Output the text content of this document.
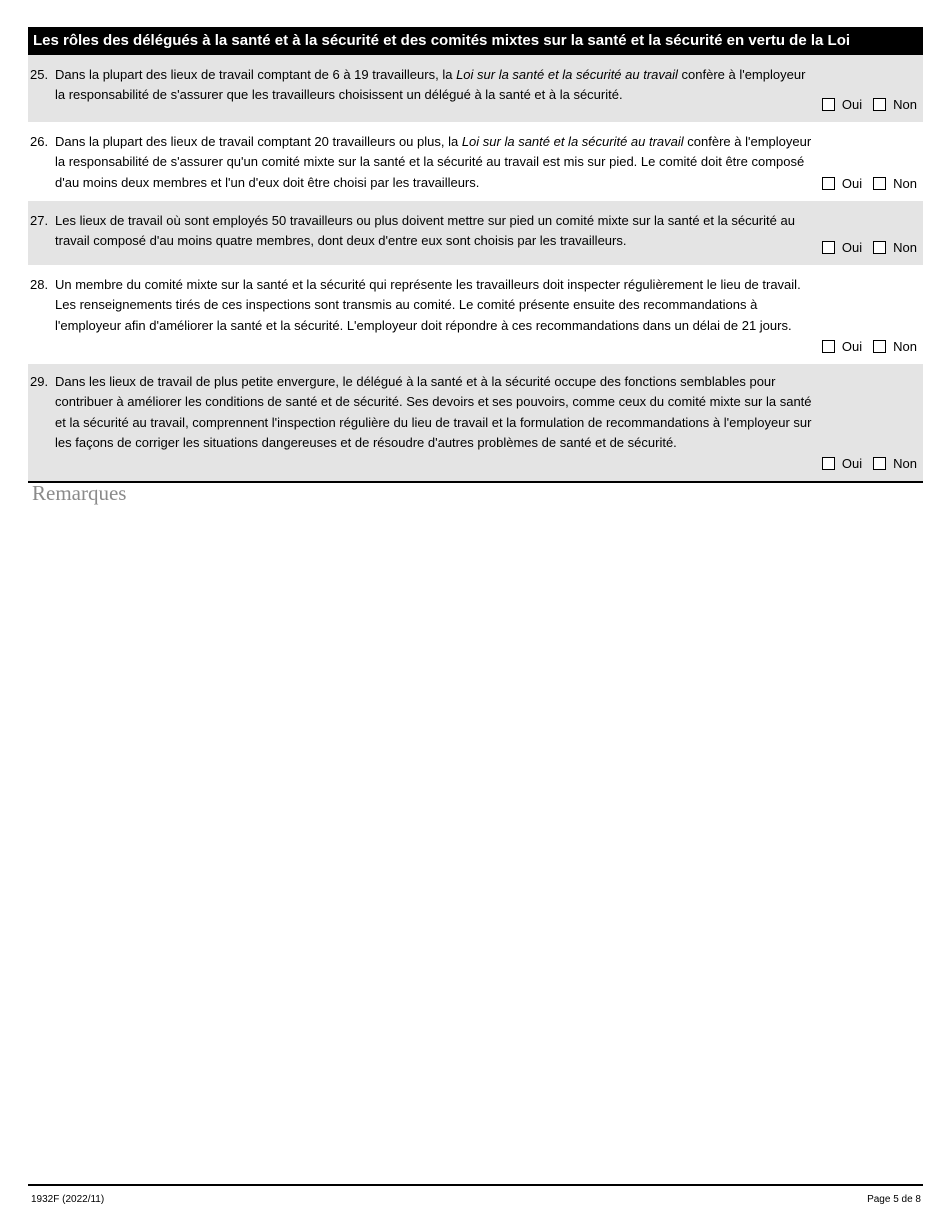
Les rôles des délégués à la santé et à la sécurité et des comités mixtes sur la santé et la sécurité en vertu de la Loi
25. Dans la plupart des lieux de travail comptant de 6 à 19 travailleurs, la Loi sur la santé et la sécurité au travail confère à l'employeur la responsabilité de s'assurer que les travailleurs choisissent un délégué à la santé et à la sécurité.
Oui Non
26. Dans la plupart des lieux de travail comptant 20 travailleurs ou plus, la Loi sur la santé et la sécurité au travail confère à l'employeur la responsabilité de s'assurer qu'un comité mixte sur la santé et la sécurité au travail est mis sur pied. Le comité doit être composé d'au moins deux membres et l'un d'eux doit être choisi par les travailleurs.	Oui Non
27. Les lieux de travail où sont employés 50 travailleurs ou plus doivent mettre sur pied un comité mixte sur la santé et la sécurité au travail composé d'au moins quatre membres, dont deux d'entre eux sont choisis par les travailleurs.	Oui Non
28. Un membre du comité mixte sur la santé et la sécurité qui représente les travailleurs doit inspecter régulièrement le lieu de travail. Les renseignements tirés de ces inspections sont transmis au comité. Le comité présente ensuite des recommandations à l'employeur afin d'améliorer la santé et la sécurité. L'employeur doit répondre à ces recommandations dans un délai de 21 jours.
Oui Non
29. Dans les lieux de travail de plus petite envergure, le délégué à la santé et à la sécurité occupe des fonctions semblables pour contribuer à améliorer les conditions de santé et de sécurité. Ses devoirs et ses pouvoirs, comme ceux du comité mixte sur la santé et la sécurité au travail, comprennent l'inspection régulière du lieu de travail et la formulation de recommandations à l'employeur sur les façons de corriger les situations dangereuses et de résoudre d'autres problèmes de santé et de sécurité.
Oui Non
Remarques
1932F (2022/11)	Page 5 de 8
